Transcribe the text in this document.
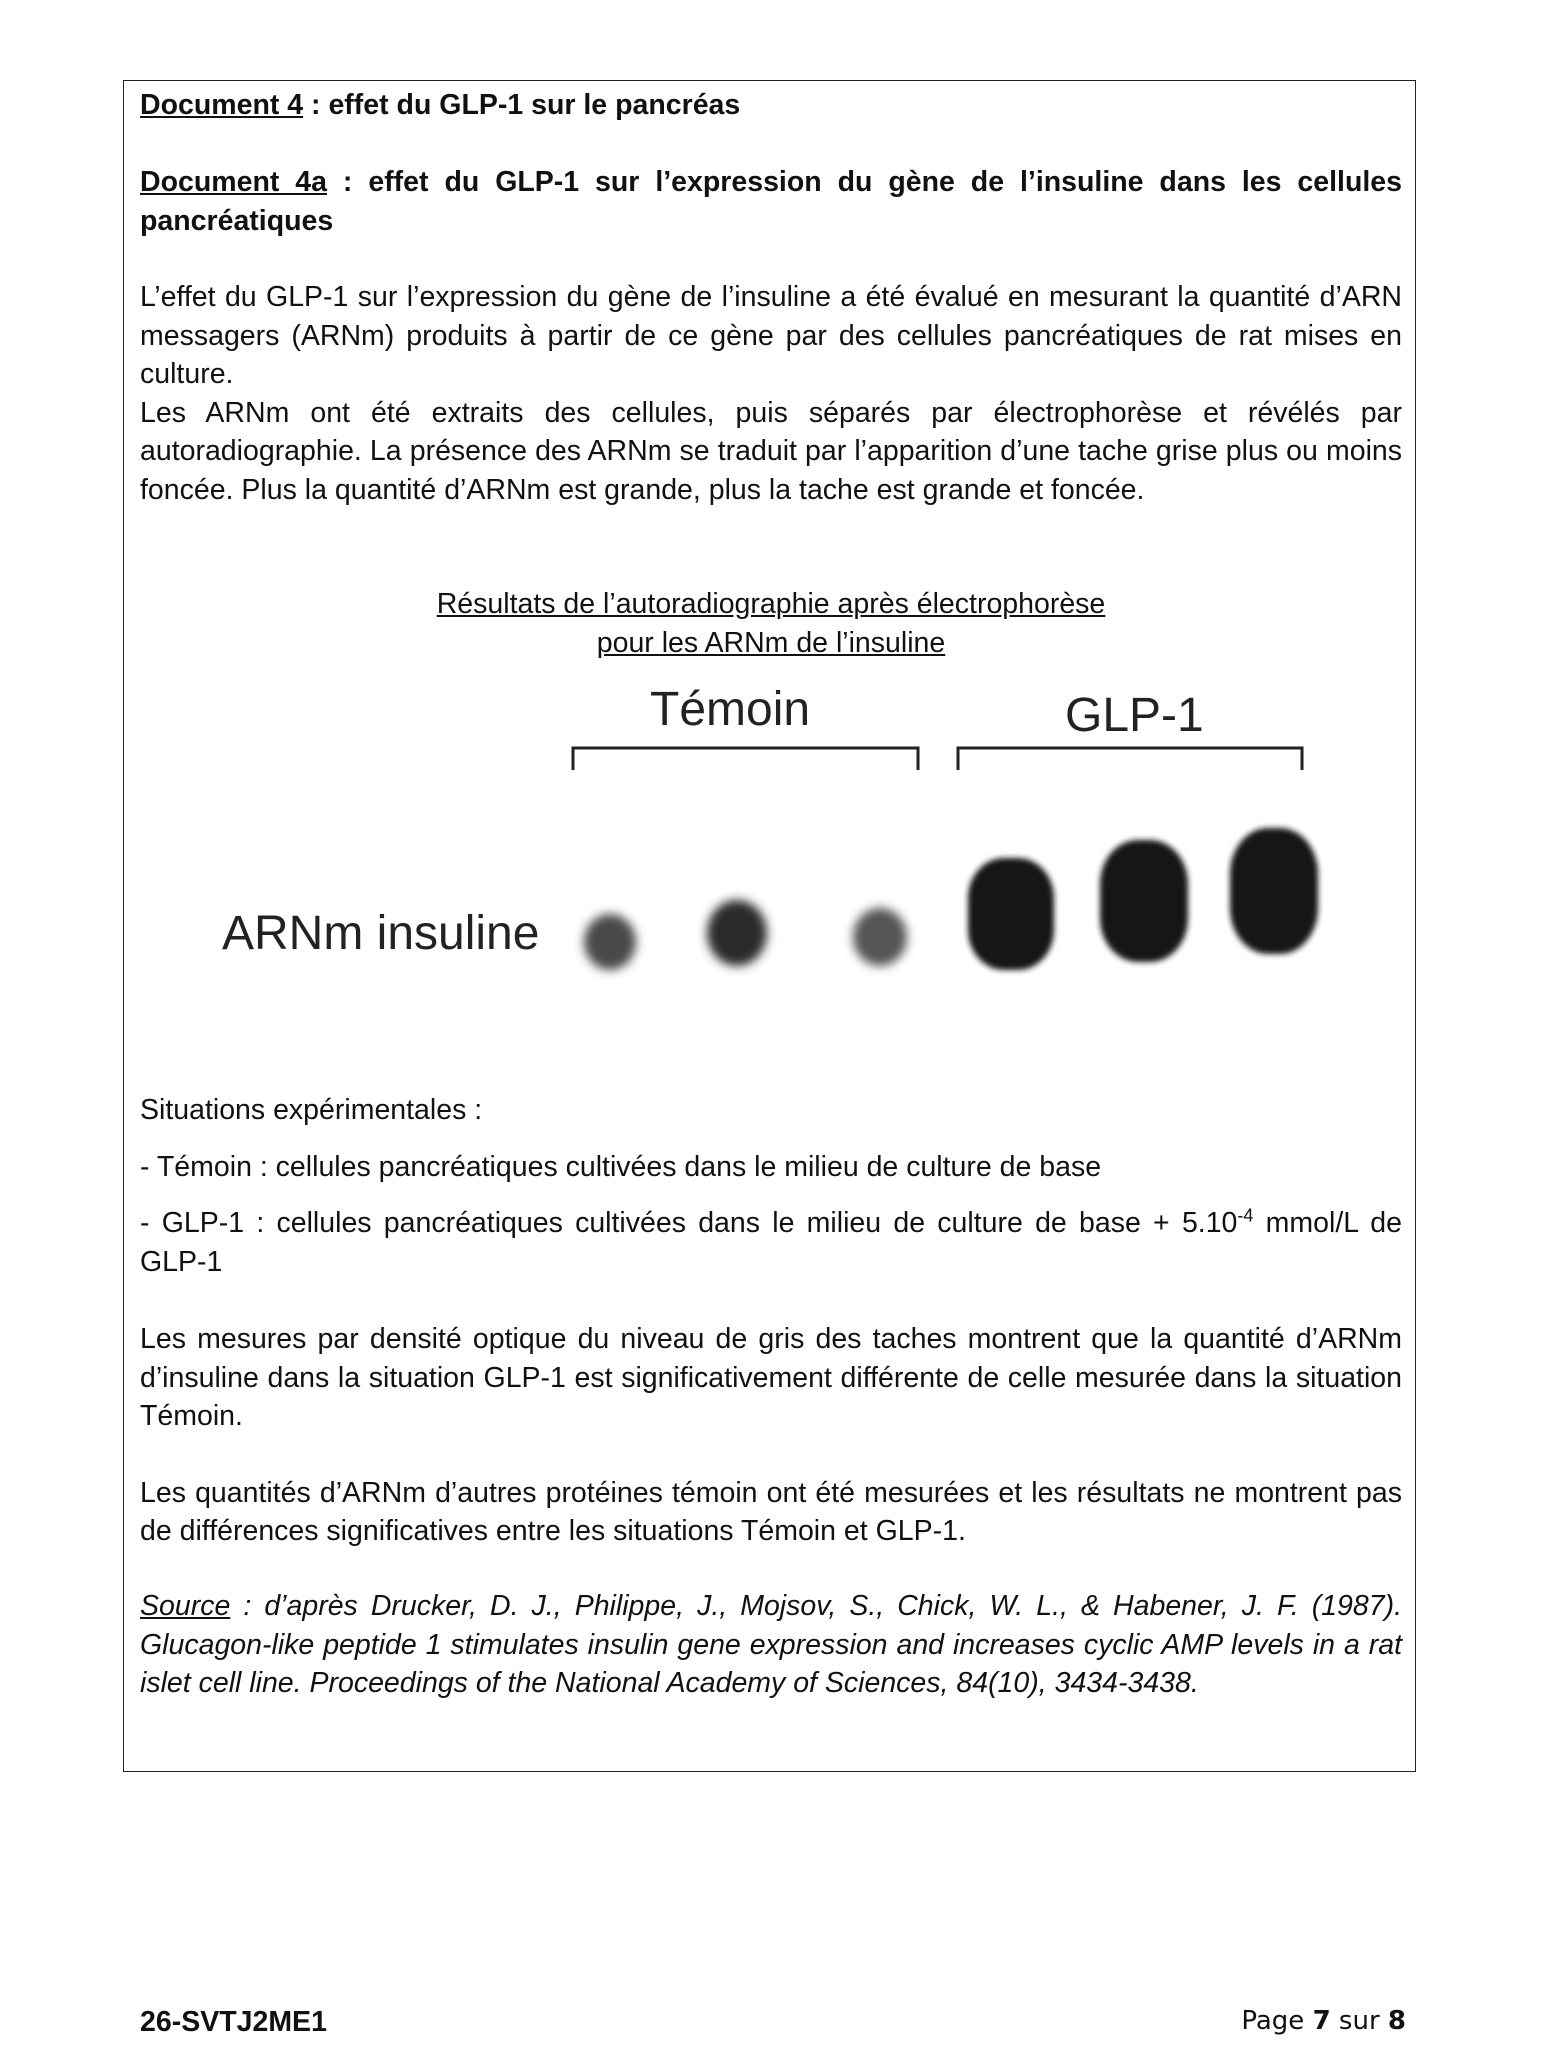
Document 4 : effet du GLP-1 sur le pancréas

Document 4a : effet du GLP-1 sur l’expression du gène de l’insuline dans les cellules pancréatiques

L’effet du GLP-1 sur l’expression du gène de l’insuline a été évalué en mesurant la quantité d’ARN messagers (ARNm) produits à partir de ce gène par des cellules pancréatiques de rat mises en culture.

Les ARNm ont été extraits des cellules, puis séparés par électrophorèse et révélés par autoradiographie. La présence des ARNm se traduit par l’apparition d’une tache grise plus ou moins foncée. Plus la quantité d’ARNm est grande, plus la tache est grande et foncée.

Résultats de l’autoradiographie après électrophorèse

pour les ARNm de l’insuline

Témoin	GLP-1
ARNm insuline

Situations expérimentales :

- Témoin : cellules pancréatiques cultivées dans le milieu de culture de base

- GLP-1 : cellules pancréatiques cultivées dans le milieu de culture de base + $5.10^{-4}$ mmol/L de GLP-1

Les mesures par densité optique du niveau de gris des taches montrent que la quantité d’ARNm d’insuline dans la situation GLP-1 est significativement différente de celle mesurée dans la situation Témoin.

Les quantités d’ARNm d’autres protéines témoin ont été mesurées et les résultats ne montrent pas de différences significatives entre les situations Témoin et GLP-1.

Source : d’après Drucker, D. J., Philippe, J., Mojsov, S., Chick, W. L., & Habener, J. F. (1987). Glucagon-like peptide 1 stimulates insulin gene expression and increases cyclic AMP levels in a rat islet cell line. Proceedings of the National Academy of Sciences, 84(10), 3434-3438.

26-SVTJ2ME1	Page 7 sur 8
